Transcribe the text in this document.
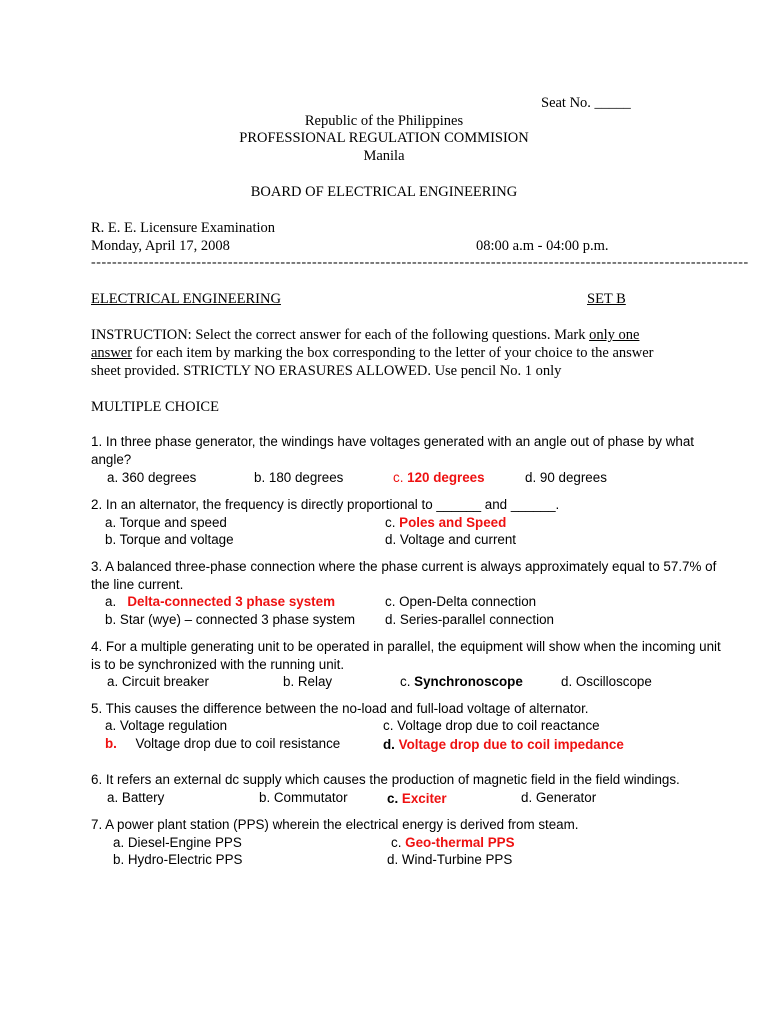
Seat No. _____
Republic of the Philippines
PROFESSIONAL REGULATION COMMISION
Manila
BOARD OF ELECTRICAL ENGINEERING
R. E. E. Licensure Examination
Monday, April 17, 2008	08:00 a.m - 04:00 p.m.
-----------------------------------------------------------------------------------------------------------------------------
ELECTRICAL ENGINEERING	SET B
INSTRUCTION: Select the correct answer for each of the following questions. Mark only one answer for each item by marking the box corresponding to the letter of your choice to the answer sheet provided. STRICTLY NO ERASURES ALLOWED. Use pencil No. 1 only
MULTIPLE CHOICE
1. In three phase generator, the windings have voltages generated with an angle out of phase by what
angle?
a. 360 degrees	b. 180 degrees	c. 120 degrees	d. 90 degrees
2. In an alternator, the frequency is directly proportional to ______ and ______.
a. Torque and speed
b. Torque and voltage
c. Poles and Speed
d. Voltage and current
3. A balanced three-phase connection where the phase current is always approximately equal to 57.7% of
the line current.
a. Delta-connected 3 phase system
b. Star (wye) – connected 3 phase system
c. Open-Delta connection
d. Series-parallel connection
4. For a multiple generating unit to be operated in parallel, the equipment will show when the incoming unit
is to be synchronized with the running unit.
a. Circuit breaker	b. Relay	c. Synchronoscope	d. Oscilloscope
5. This causes the difference between the no-load and full-load voltage of alternator.
a. Voltage regulation
b. Voltage drop due to coil resistance
c. Voltage drop due to coil reactance
d. Voltage drop due to coil impedance
6. It refers an external dc supply which causes the production of magnetic field in the field windings.
a. Battery	b. Commutator	c. Exciter	d. Generator
7. A power plant station (PPS) wherein the electrical energy is derived from steam.
a. Diesel-Engine PPS
b. Hydro-Electric PPS
c. Geo-thermal PPS
d. Wind-Turbine PPS
